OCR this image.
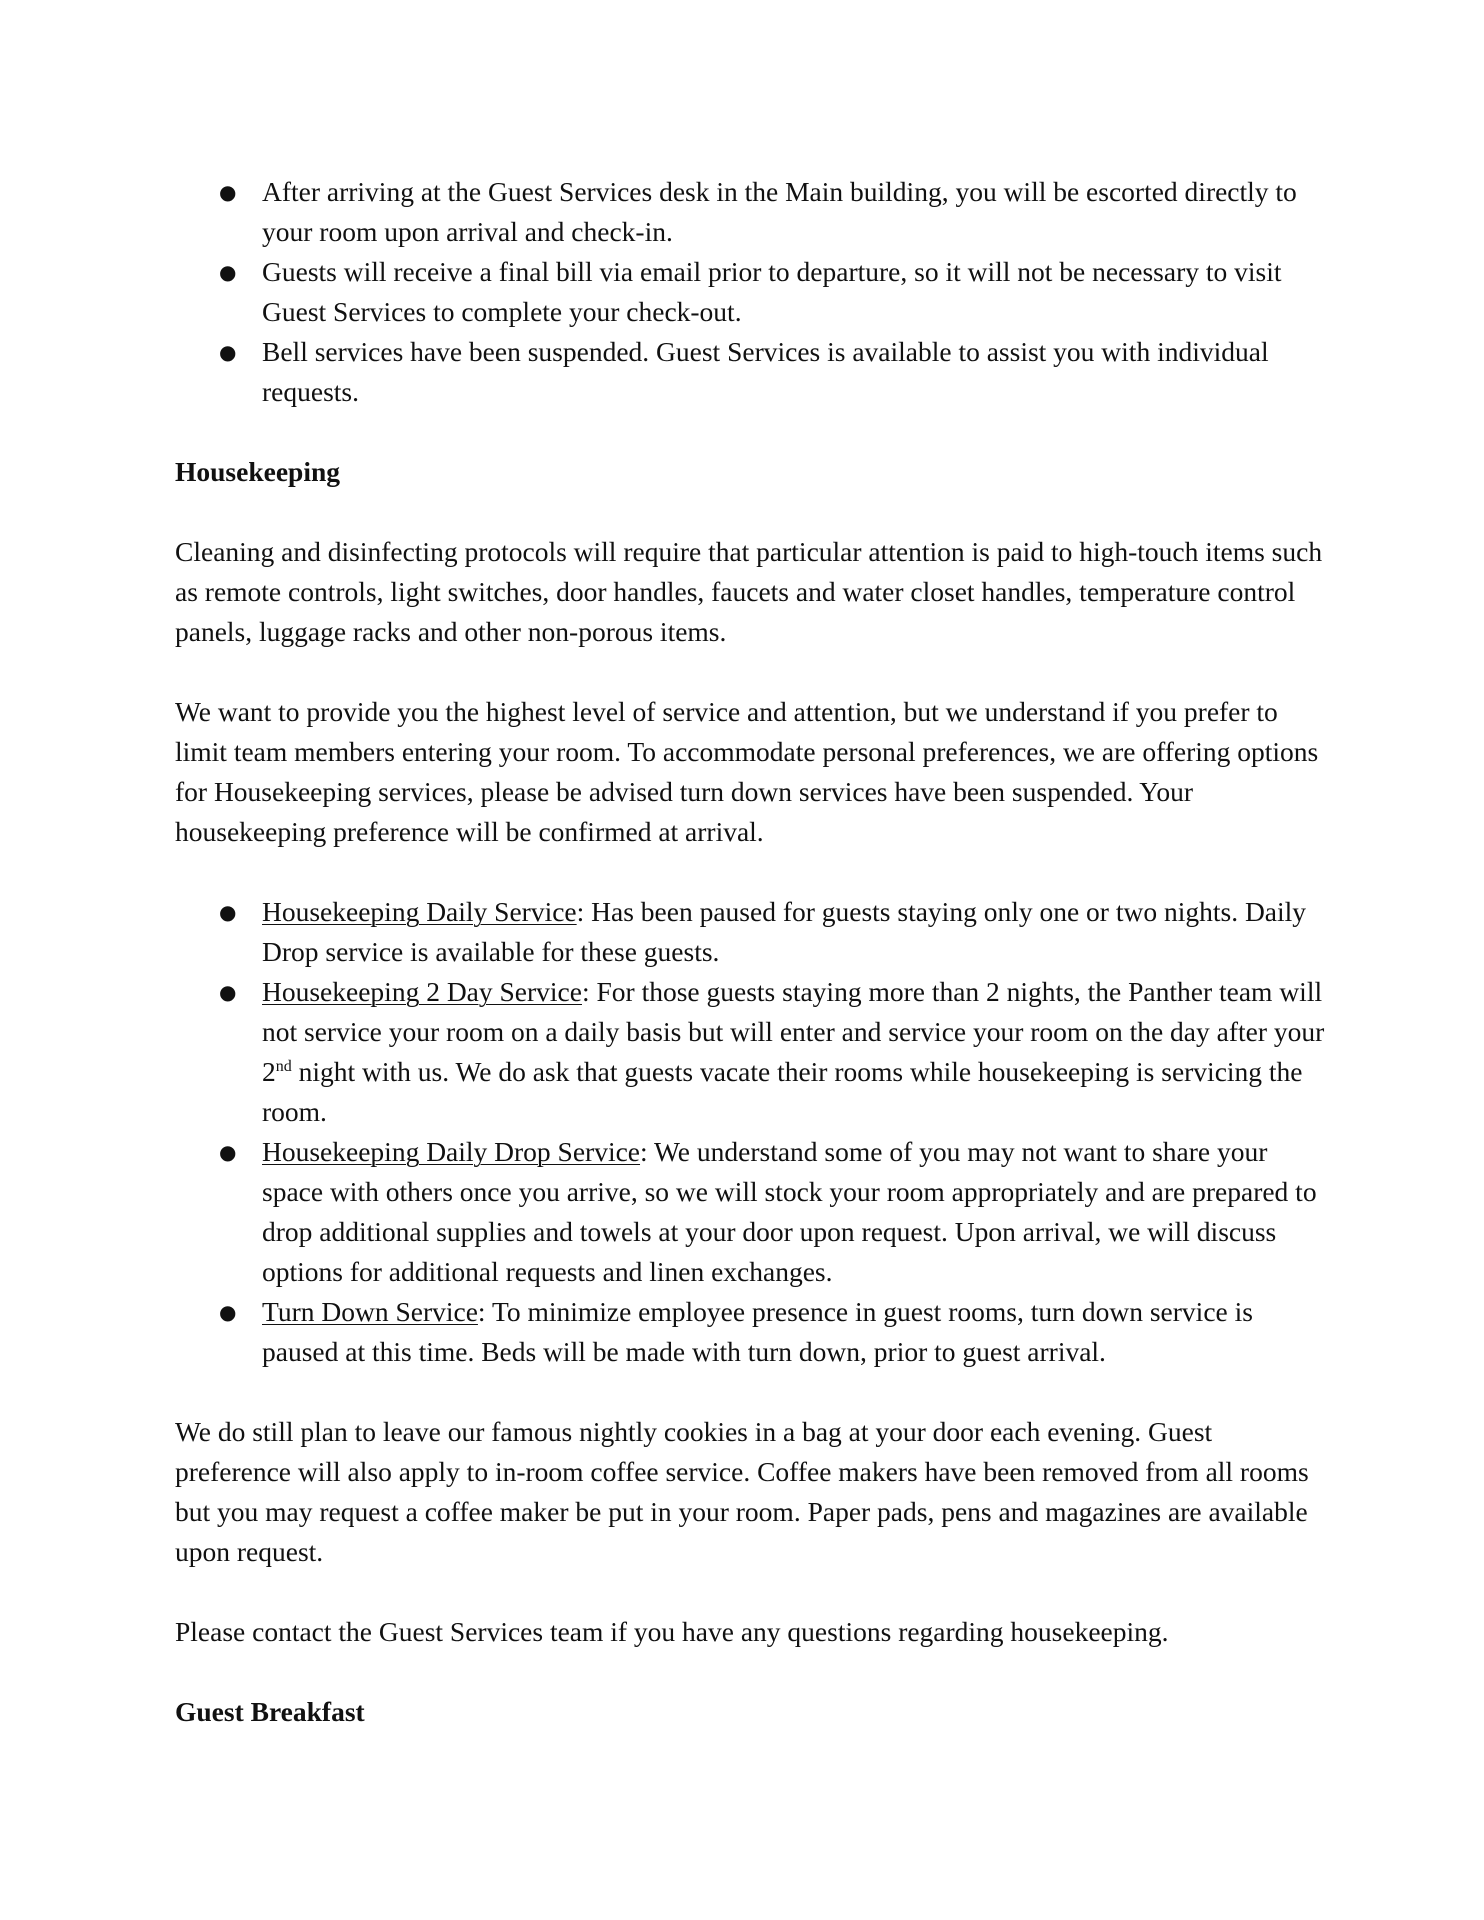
● After arriving at the Guest Services desk in the Main building, you will be escorted directly to your room upon arrival and check-in.
● Guests will receive a final bill via email prior to departure, so it will not be necessary to visit Guest Services to complete your check-out.
● Bell services have been suspended. Guest Services is available to assist you with individual requests.
Housekeeping

Cleaning and disinfecting protocols will require that particular attention is paid to high-touch items such as remote controls, light switches, door handles, faucets and water closet handles, temperature control panels, luggage racks and other non-porous items.

We want to provide you the highest level of service and attention, but we understand if you prefer to limit team members entering your room. To accommodate personal preferences, we are offering options for Housekeeping services, please be advised turn down services have been suspended. Your housekeeping preference will be confirmed at arrival.

● Housekeeping Daily Service: Has been paused for guests staying only one or two nights. Daily Drop service is available for these guests.
● Housekeeping 2 Day Service: For those guests staying more than 2 nights, the Panther team will not service your room on a daily basis but will enter and service your room on the day after your 2nd night with us. We do ask that guests vacate their rooms while housekeeping is servicing the room.
● Housekeeping Daily Drop Service: We understand some of you may not want to share your space with others once you arrive, so we will stock your room appropriately and are prepared to drop additional supplies and towels at your door upon request. Upon arrival, we will discuss options for additional requests and linen exchanges.
● Turn Down Service: To minimize employee presence in guest rooms, turn down service is paused at this time. Beds will be made with turn down, prior to guest arrival.

We do still plan to leave our famous nightly cookies in a bag at your door each evening. Guest preference will also apply to in-room coffee service. Coffee makers have been removed from all rooms but you may request a coffee maker be put in your room. Paper pads, pens and magazines are available upon request.

Please contact the Guest Services team if you have any questions regarding housekeeping.

Guest Breakfast
